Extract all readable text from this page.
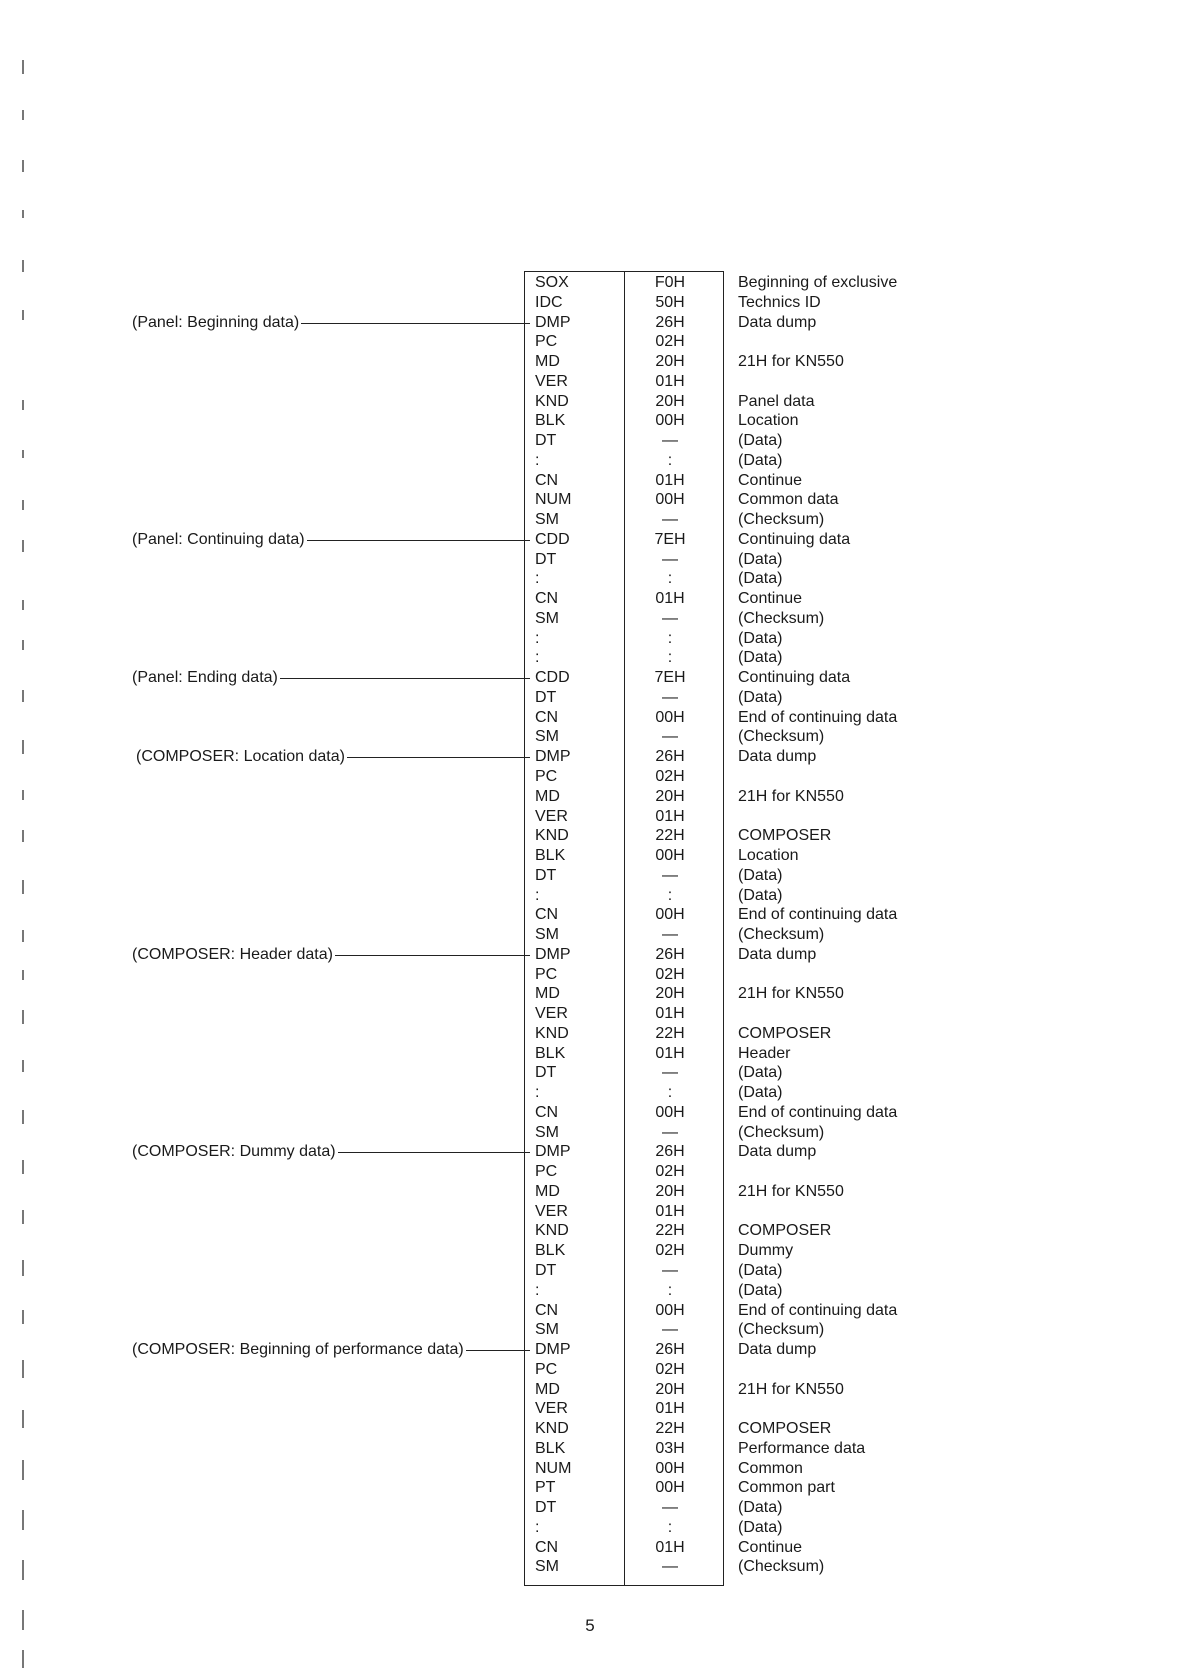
SOX	F0H	Beginning of exclusive
IDC	50H	Technics ID
DMP	26H	Data dump
PC	02H
MD	20H	21H for KN550
VER	01H
KND	20H	Panel data
BLK	00H	Location
DT	—	(Data)
:	:	(Data)
CN	01H	Continue
NUM	00H	Common data
SM	—	(Checksum)
CDD	7EH	Continuing data
DT	—	(Data)
:	:	(Data)
CN	01H	Continue
SM	—	(Checksum)
:	:	(Data)
:	:	(Data)
CDD	7EH	Continuing data
DT	—	(Data)
CN	00H	End of continuing data
SM	—	(Checksum)
DMP	26H	Data dump
PC	02H
MD	20H	21H for KN550
VER	01H
KND	22H	COMPOSER
BLK	00H	Location
DT	—	(Data)
:	:	(Data)
CN	00H	End of continuing data
SM	—	(Checksum)
DMP	26H	Data dump
PC	02H
MD	20H	21H for KN550
VER	01H
KND	22H	COMPOSER
BLK	01H	Header
DT	—	(Data)
:	:	(Data)
CN	00H	End of continuing data
SM	—	(Checksum)
DMP	26H	Data dump
PC	02H
MD	20H	21H for KN550
VER	01H
KND	22H	COMPOSER
BLK	02H	Dummy
DT	—	(Data)
:	:	(Data)
CN	00H	End of continuing data
SM	—	(Checksum)
DMP	26H	Data dump
PC	02H
MD	20H	21H for KN550
VER	01H
KND	22H	COMPOSER
BLK	03H	Performance data
NUM	00H	Common
PT	00H	Common part
DT	—	(Data)
:	:	(Data)
CN	01H	Continue
SM	—	(Checksum)
(Panel: Beginning data)
(Panel: Continuing data)
(Panel: Ending data)
(COMPOSER: Location data)
(COMPOSER: Header data)
(COMPOSER: Dummy data)
(COMPOSER: Beginning of performance data)
5
